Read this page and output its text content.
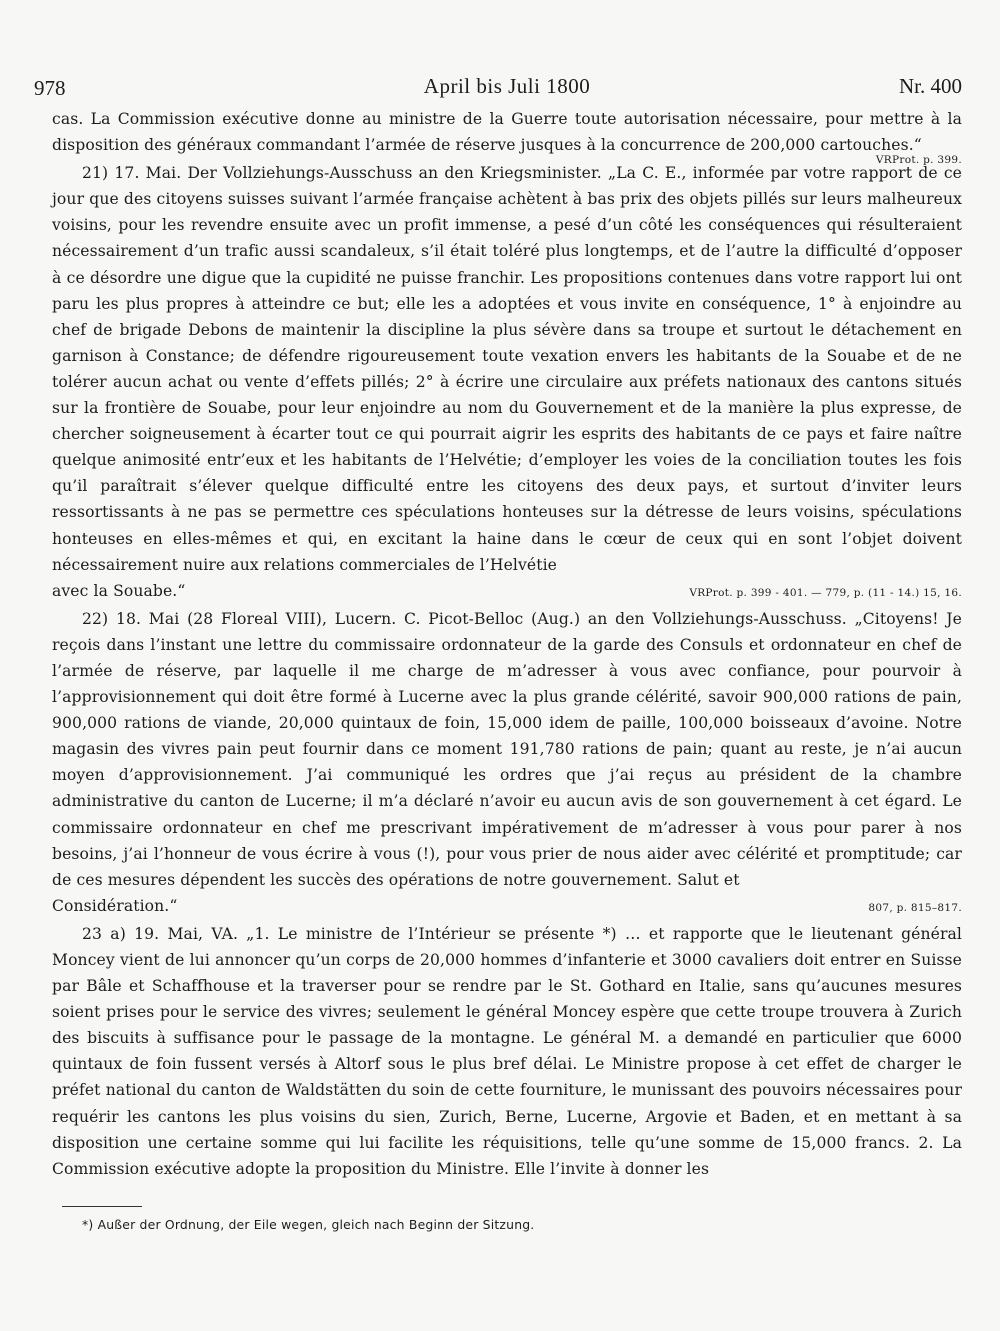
978	April bis Juli 1800	Nr. 400

cas. La Commission exécutive donne au ministre de la Guerre toute autorisation nécessaire, pour mettre à la disposition des généraux commandant l’armée de réserve jusques à la concurrence de 200,000 cartouches.“

VRProt. p. 399.

21) 17. Mai. Der Vollziehungs-Ausschuss an den Kriegsminister. „La C. E., informée par votre rapport de ce jour que des citoyens suisses suivant l’armée française achètent à bas prix des objets pillés sur leurs malheureux voisins, pour les revendre ensuite avec un profit immense, a pesé d’un côté les conséquences qui résulteraient nécessairement d’un trafic aussi scandaleux, s’il était toléré plus longtemps, et de l’autre la difficulté d’opposer à ce désordre une digue que la cupidité ne puisse franchir. Les propositions contenues dans votre rapport lui ont paru les plus propres à atteindre ce but; elle les a adoptées et vous invite en conséquence, 1° à enjoindre au chef de brigade Debons de maintenir la discipline la plus sévère dans sa troupe et surtout le détachement en garnison à Constance; de défendre rigoureusement toute vexation envers les habitants de la Souabe et de ne tolérer aucun achat ou vente d’effets pillés; 2° à écrire une circulaire aux préfets nationaux des cantons situés sur la frontière de Souabe, pour leur enjoindre au nom du Gouvernement et de la manière la plus expresse, de chercher soigneusement à écarter tout ce qui pourrait aigrir les esprits des habitants de ce pays et faire naître quelque animosité entr’eux et les habitants de l’Helvétie; d’employer les voies de la conciliation toutes les fois qu’il paraîtrait s’élever quelque difficulté entre les citoyens des deux pays, et surtout d’inviter leurs ressortissants à ne pas se permettre ces spéculations honteuses sur la détresse de leurs voisins, spéculations honteuses en elles-mêmes et qui, en excitant la haine dans le cœur de ceux qui en sont l’objet doivent nécessairement nuire aux relations commerciales de l’Helvétie

avec la Souabe.“	VRProt. p. 399 - 401. — 779, p. (11 - 14.) 15, 16.

22) 18. Mai (28 Floreal VIII), Lucern. C. Picot-Belloc (Aug.) an den Vollziehungs-Ausschuss. „Citoyens! Je reçois dans l’instant une lettre du commissaire ordonnateur de la garde des Consuls et ordonnateur en chef de l’armée de réserve, par laquelle il me charge de m’adresser à vous avec confiance, pour pourvoir à l’approvisionnement qui doit être formé à Lucerne avec la plus grande célérité, savoir 900,000 rations de pain, 900,000 rations de viande, 20,000 quintaux de foin, 15,000 idem de paille, 100,000 boisseaux d’avoine. Notre magasin des vivres pain peut fournir dans ce moment 191,780 rations de pain; quant au reste, je n’ai aucun moyen d’approvisionnement. J’ai communiqué les ordres que j’ai reçus au président de la chambre administrative du canton de Lucerne; il m’a déclaré n’avoir eu aucun avis de son gouvernement à cet égard. Le commissaire ordonnateur en chef me prescrivant impérativement de m’adresser à vous pour parer à nos besoins, j’ai l’honneur de vous écrire à vous (!), pour vous prier de nous aider avec célérité et promptitude; car de ces mesures dépendent les succès des opérations de notre gouvernement. Salut et

Considération.“	807, p. 815–817.

23 a) 19. Mai, VA. „1. Le ministre de l’Intérieur se présente *) … et rapporte que le lieutenant général Moncey vient de lui annoncer qu’un corps de 20,000 hommes d’infanterie et 3000 cavaliers doit entrer en Suisse par Bâle et Schaffhouse et la traverser pour se rendre par le St. Gothard en Italie, sans qu’aucunes mesures soient prises pour le service des vivres; seulement le général Moncey espère que cette troupe trouvera à Zurich des biscuits à suffisance pour le passage de la montagne. Le général M. a demandé en particulier que 6000 quintaux de foin fussent versés à Altorf sous le plus bref délai. Le Ministre propose à cet effet de charger le préfet national du canton de Waldstätten du soin de cette fourniture, le munissant des pouvoirs nécessaires pour requérir les cantons les plus voisins du sien, Zurich, Berne, Lucerne, Argovie et Baden, et en mettant à sa disposition une certaine somme qui lui facilite les réquisitions, telle qu’une somme de 15,000 francs. 2. La Commission exécutive adopte la proposition du Ministre. Elle l’invite à donner les

*) Außer der Ordnung, der Eile wegen, gleich nach Beginn der Sitzung.
